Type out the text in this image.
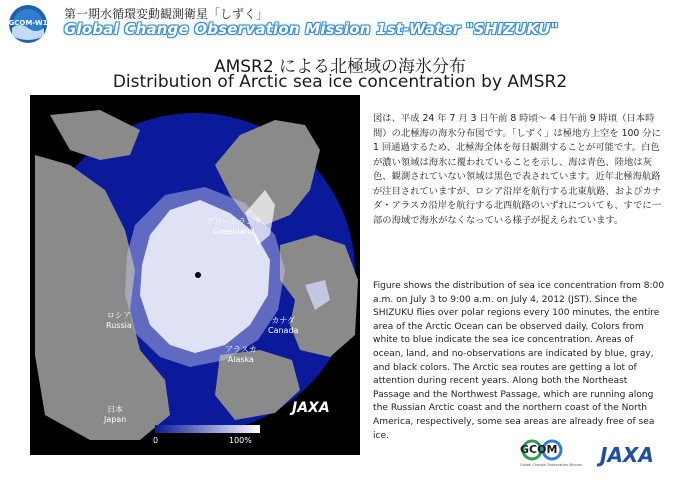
GCOM-W1
第一期水循環変動観測衛星「しずく」
Global Change Observation Mission 1st-Water "SHIZUKU"
AMSR2 による北極域の海氷分布
Distribution of Arctic sea ice concentration by AMSR2
JAXA
グリーンランド
Greenland
ロシア
Russia
カナダ
Canada
アラスカ
Alaska
日本
Japan
0	100%
図は、平成 24 年 7 月 3 日午前 8 時頃～ 4 日午前 9 時頃（日本時間）の北極海の海氷分布図です。「しずく」は極地方上空を 100 分に 1 回通過するため、北極海全体を毎日観測することが可能です。白色が濃い領域は海氷に覆われていることを示し、海は青色、陸地は灰色、観測されていない領域は黒色で表されています。近年北極海航路が注目されていますが、ロシア沿岸を航行する北東航路、およびカナダ・アラスカ沿岸を航行する北西航路のいずれについても、すでに一部の海域で海氷がなくなっている様子が捉えられています。
Figure shows the distribution of sea ice concentration from 8:00 a.m. on July 3 to 9:00 a.m. on July 4, 2012 (JST). Since the SHIZUKU flies over polar regions every 100 minutes, the entire area of the Arctic Ocean can be observed daily. Colors from white to blue indicate the sea ice concentration. Areas of ocean, land, and no-observations are indicated by blue, gray, and black colors. The Arctic sea routes are getting a lot of attention during recent years. Along both the Northeast Passage and the Northwest Passage, which are running along the Russian Arctic coast and the northern coast of the North America, respectively, some sea areas are already free of sea ice.
GCOM
Global Change Observation Mission JAXA
